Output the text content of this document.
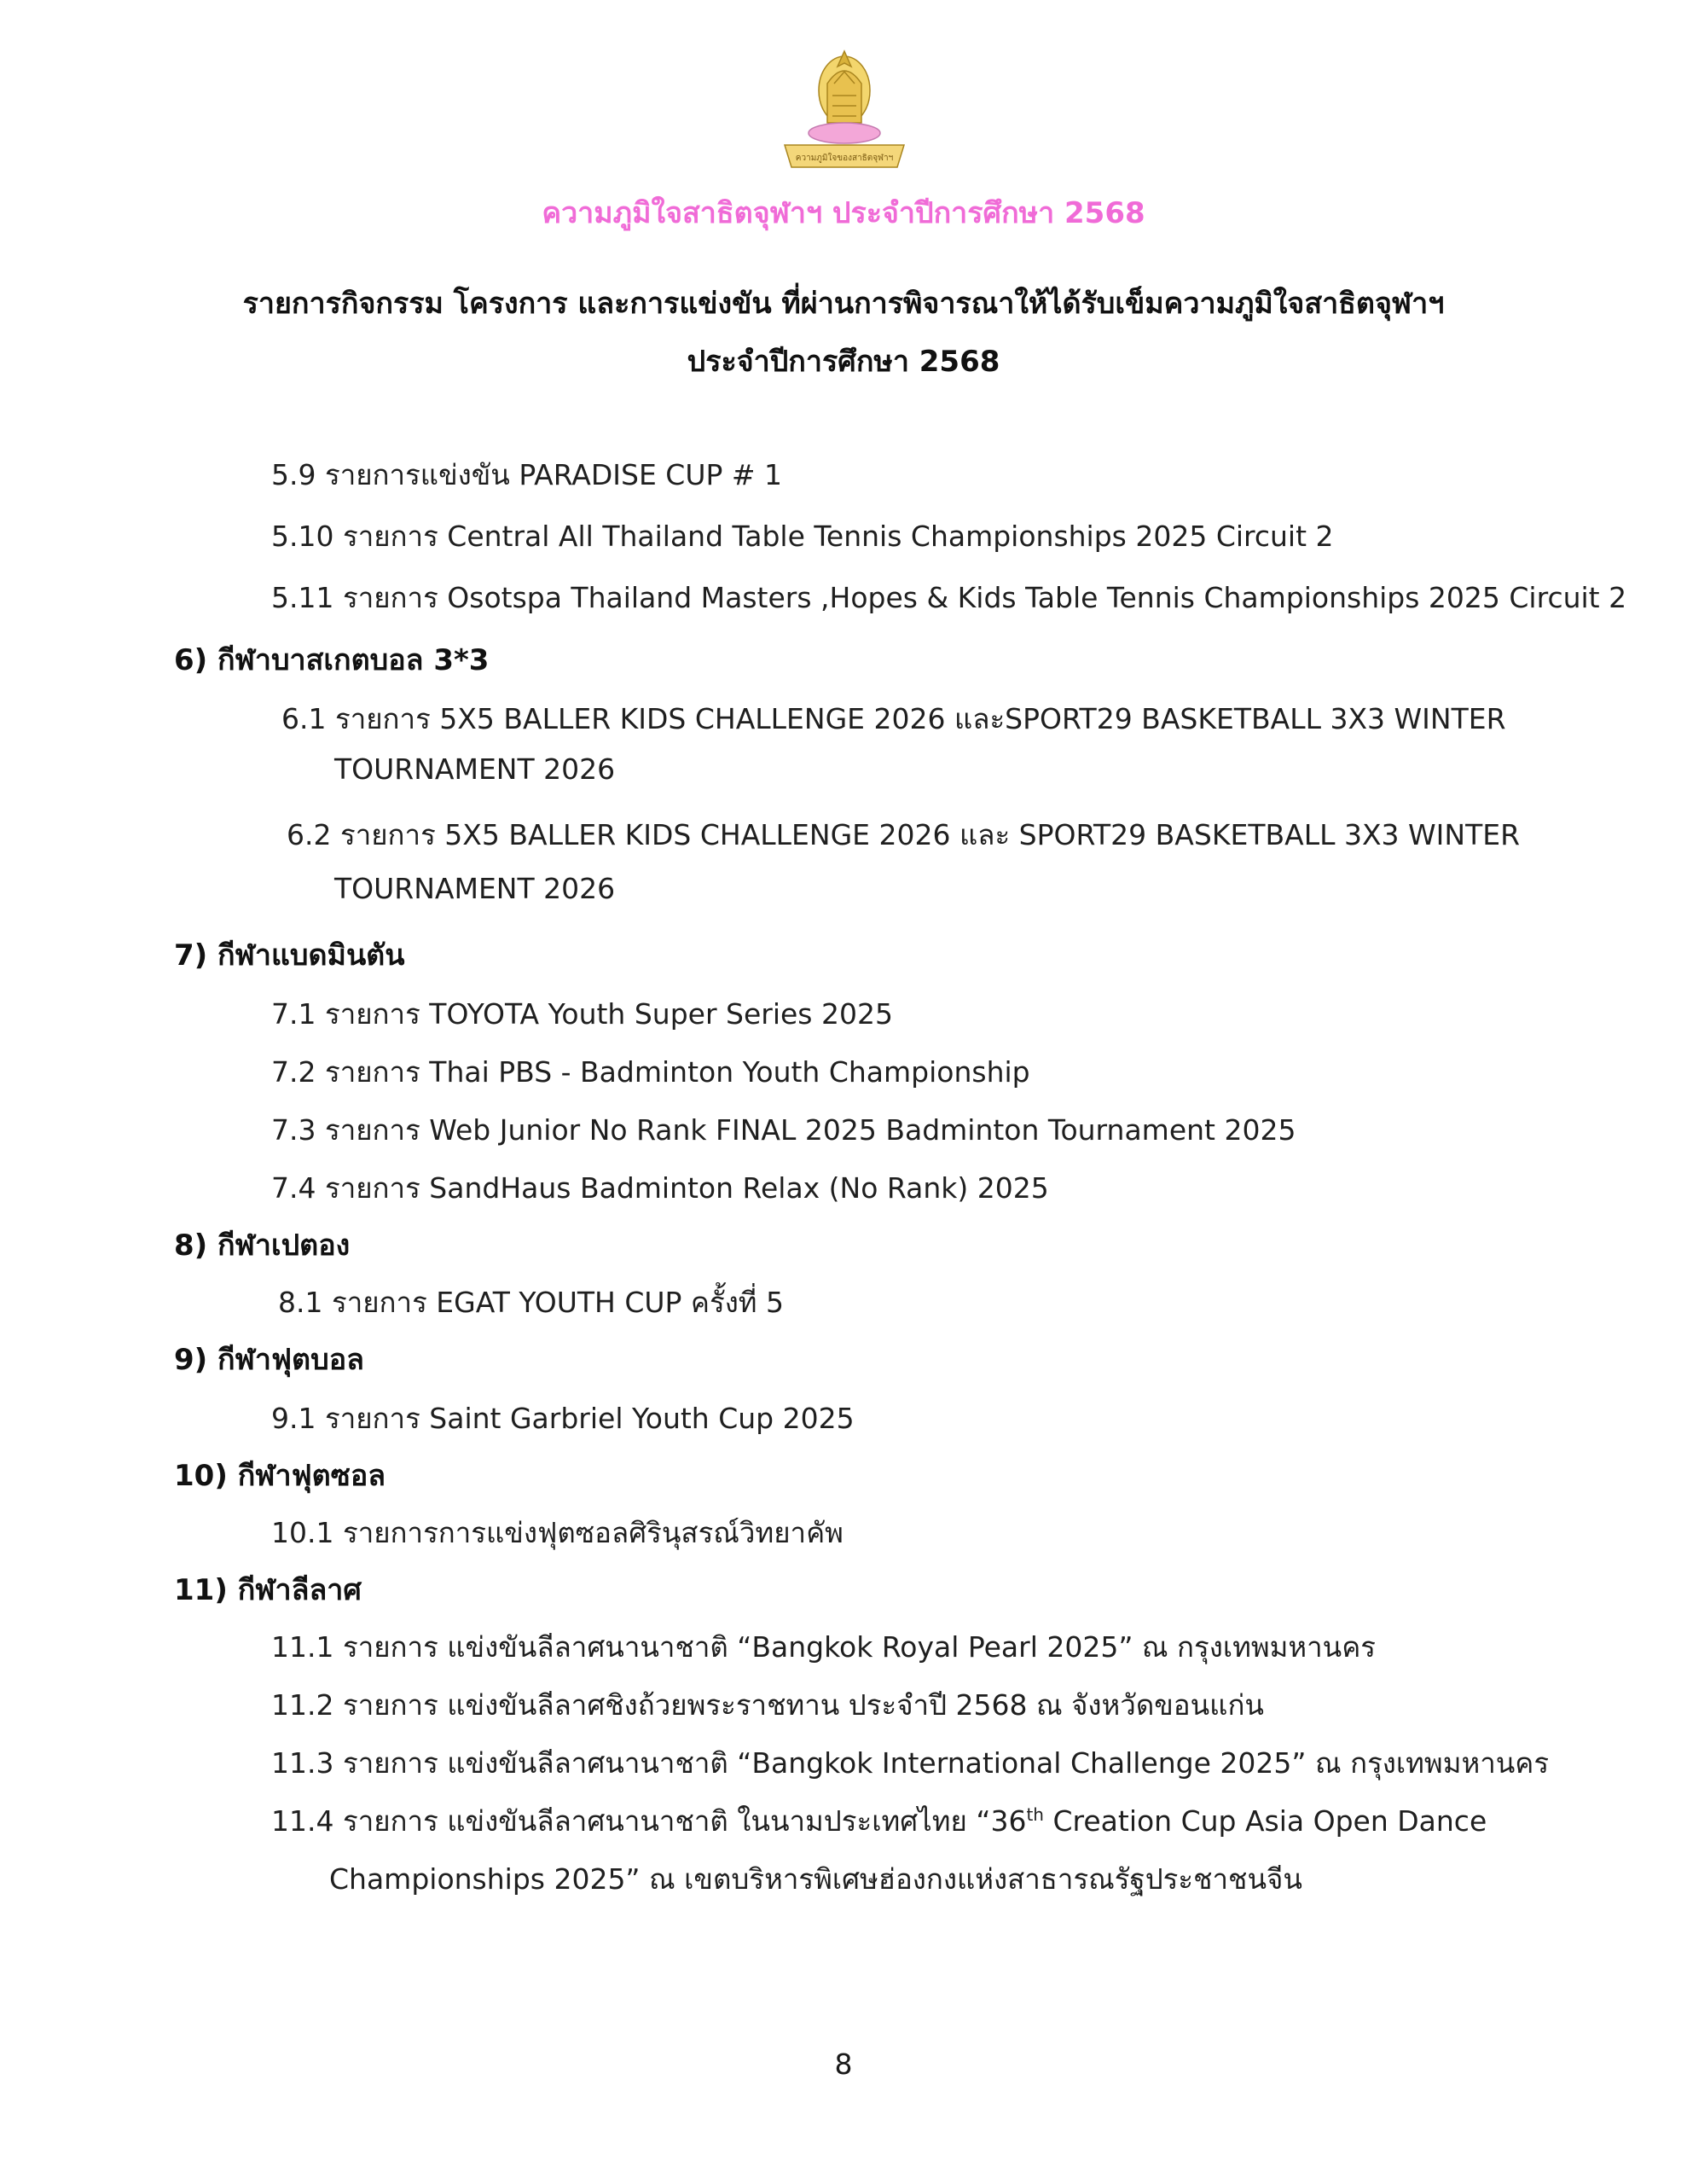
ความภูมิใจของสาธิตจุฬาฯ
ความภูมิใจสาธิตจุฬาฯ ประจำปีการศึกษา 2568
รายการกิจกรรม โครงการ และการแข่งขัน ที่ผ่านการพิจารณาให้ได้รับเข็มความภูมิใจสาธิตจุฬาฯ
ประจำปีการศึกษา 2568
5.9 รายการแข่งขัน PARADISE CUP # 1
5.10 รายการ Central All Thailand Table Tennis Championships 2025 Circuit 2
5.11 รายการ Osotspa Thailand Masters ,Hopes & Kids Table Tennis Championships 2025 Circuit 2
6) กีฬาบาสเกตบอล 3*3
6.1 รายการ 5X5 BALLER KIDS CHALLENGE 2026 และSPORT29 BASKETBALL 3X3 WINTER
TOURNAMENT 2026
6.2 รายการ 5X5 BALLER KIDS CHALLENGE 2026 และ SPORT29 BASKETBALL 3X3 WINTER
TOURNAMENT 2026
7) กีฬาแบดมินตัน
7.1 รายการ TOYOTA Youth Super Series 2025
7.2 รายการ Thai PBS - Badminton Youth Championship
7.3 รายการ Web Junior No Rank FINAL 2025 Badminton Tournament 2025
7.4 รายการ SandHaus Badminton Relax (No Rank) 2025
8) กีฬาเปตอง
8.1 รายการ EGAT YOUTH CUP ครั้งที่ 5
9) กีฬาฟุตบอล
9.1 รายการ Saint Garbriel Youth Cup 2025
10) กีฬาฟุตซอล
10.1 รายการการแข่งฟุตซอลศิรินุสรณ์วิทยาคัพ
11) กีฬาลีลาศ
11.1 รายการ แข่งขันลีลาศนานาชาติ “Bangkok Royal Pearl 2025” ณ กรุงเทพมหานคร
11.2 รายการ แข่งขันลีลาศชิงถ้วยพระราชทาน ประจำปี 2568 ณ จังหวัดขอนแก่น
11.3 รายการ แข่งขันลีลาศนานาชาติ “Bangkok International Challenge 2025” ณ กรุงเทพมหานคร
11.4 รายการ แข่งขันลีลาศนานาชาติ ในนามประเทศไทย “36th Creation Cup Asia Open Dance
Championships 2025” ณ เขตบริหารพิเศษฮ่องกงแห่งสาธารณรัฐประชาชนจีน
8
